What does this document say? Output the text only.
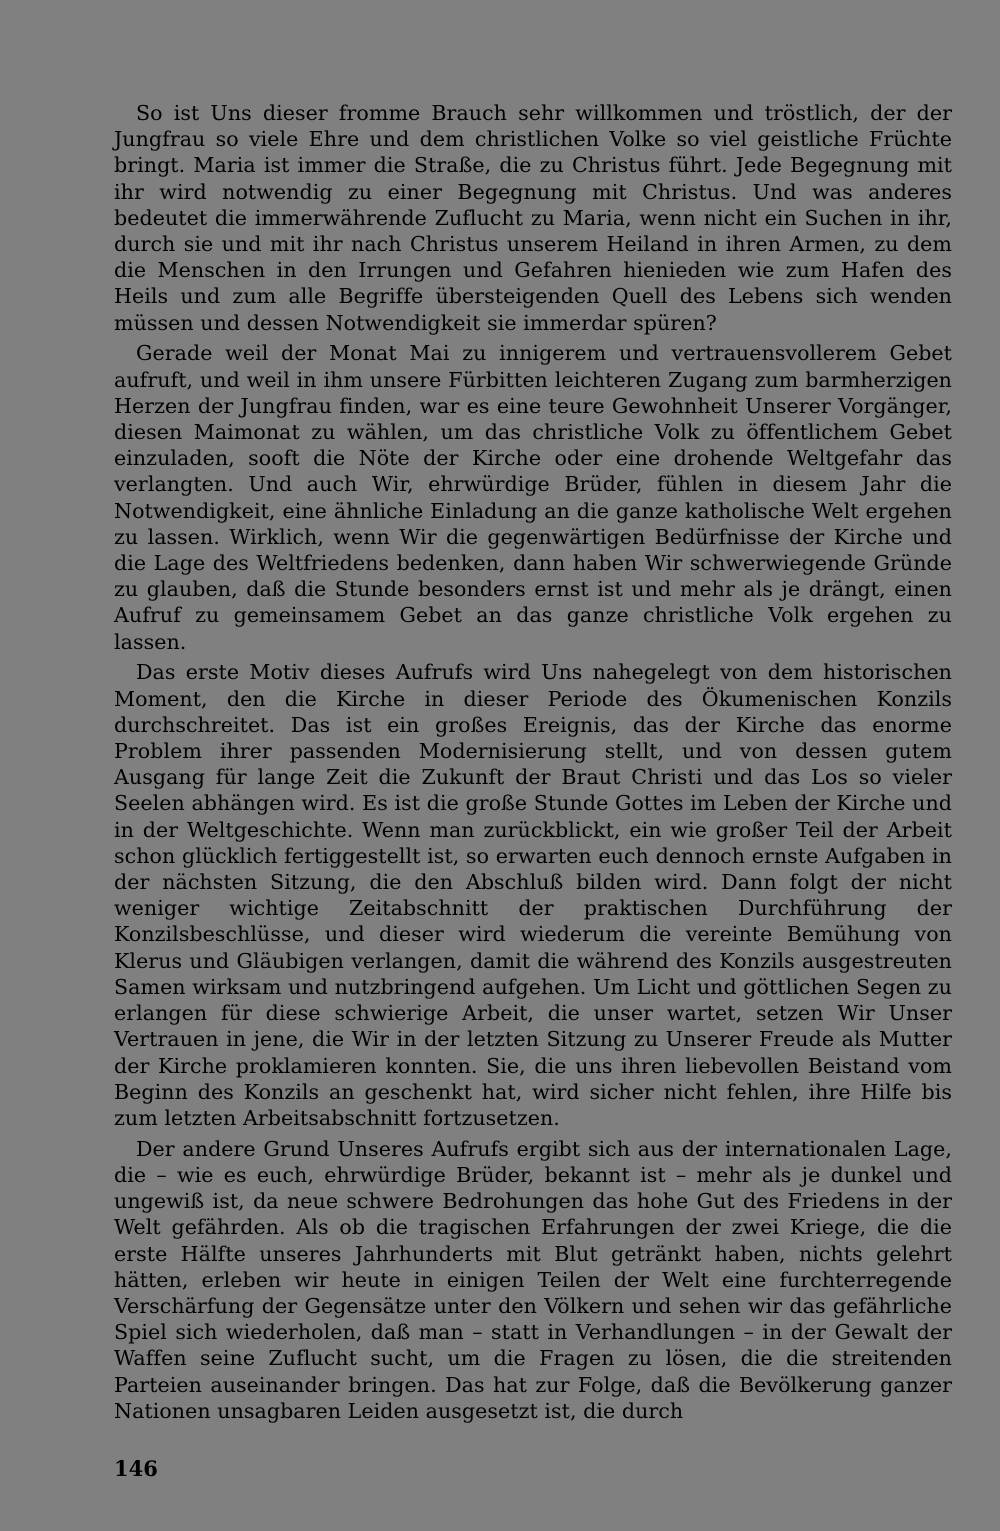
So ist Uns dieser fromme Brauch sehr willkommen und tröstlich, der der Jungfrau so viele Ehre und dem christlichen Volke so viel geistliche Früchte bringt. Maria ist immer die Straße, die zu Christus führt. Jede Begegnung mit ihr wird notwendig zu einer Begegnung mit Christus. Und was anderes bedeutet die immerwährende Zuflucht zu Maria, wenn nicht ein Suchen in ihr, durch sie und mit ihr nach Christus unserem Heiland in ihren Armen, zu dem die Menschen in den Irrungen und Gefahren hienieden wie zum Hafen des Heils und zum alle Begriffe übersteigenden Quell des Lebens sich wenden müssen und dessen Notwendigkeit sie immerdar spüren?

Gerade weil der Monat Mai zu innigerem und vertrauensvollerem Gebet aufruft, und weil in ihm unsere Fürbitten leichteren Zugang zum barmherzigen Herzen der Jungfrau finden, war es eine teure Gewohnheit Unserer Vorgänger, diesen Maimonat zu wählen, um das christliche Volk zu öffentlichem Gebet einzuladen, sooft die Nöte der Kirche oder eine drohende Weltgefahr das verlangten. Und auch Wir, ehrwürdige Brüder, fühlen in diesem Jahr die Notwendigkeit, eine ähnliche Einladung an die ganze katholische Welt ergehen zu lassen. Wirklich, wenn Wir die gegenwärtigen Bedürfnisse der Kirche und die Lage des Weltfriedens bedenken, dann haben Wir schwerwiegende Gründe zu glauben, daß die Stunde besonders ernst ist und mehr als je drängt, einen Aufruf zu gemeinsamem Gebet an das ganze christliche Volk ergehen zu lassen.

Das erste Motiv dieses Aufrufs wird Uns nahegelegt von dem historischen Moment, den die Kirche in dieser Periode des Ökumenischen Konzils durchschreitet. Das ist ein großes Ereignis, das der Kirche das enorme Problem ihrer passenden Modernisierung stellt, und von dessen gutem Ausgang für lange Zeit die Zukunft der Braut Christi und das Los so vieler Seelen abhängen wird. Es ist die große Stunde Gottes im Leben der Kirche und in der Weltgeschichte. Wenn man zurückblickt, ein wie großer Teil der Arbeit schon glücklich fertiggestellt ist, so erwarten euch dennoch ernste Aufgaben in der nächsten Sitzung, die den Abschluß bilden wird. Dann folgt der nicht weniger wichtige Zeitabschnitt der praktischen Durchführung der Konzilsbeschlüsse, und dieser wird wiederum die vereinte Bemühung von Klerus und Gläubigen verlangen, damit die während des Konzils ausgestreuten Samen wirksam und nutzbringend aufgehen. Um Licht und göttlichen Segen zu erlangen für diese schwierige Arbeit, die unser wartet, setzen Wir Unser Vertrauen in jene, die Wir in der letzten Sitzung zu Unserer Freude als Mutter der Kirche proklamieren konnten. Sie, die uns ihren liebevollen Beistand vom Beginn des Konzils an geschenkt hat, wird sicher nicht fehlen, ihre Hilfe bis zum letzten Arbeitsabschnitt fortzusetzen.

Der andere Grund Unseres Aufrufs ergibt sich aus der internationalen Lage, die – wie es euch, ehrwürdige Brüder, bekannt ist – mehr als je dunkel und ungewiß ist, da neue schwere Bedrohungen das hohe Gut des Friedens in der Welt gefährden. Als ob die tragischen Erfahrungen der zwei Kriege, die die erste Hälfte unseres Jahrhunderts mit Blut getränkt haben, nichts gelehrt hätten, erleben wir heute in einigen Teilen der Welt eine furchterregende Verschärfung der Gegensätze unter den Völkern und sehen wir das gefährliche Spiel sich wiederholen, daß man – statt in Verhandlungen – in der Gewalt der Waffen seine Zuflucht sucht, um die Fragen zu lösen, die die streitenden Parteien auseinander bringen. Das hat zur Folge, daß die Bevölkerung ganzer Nationen unsagbaren Leiden ausgesetzt ist, die durch

146
